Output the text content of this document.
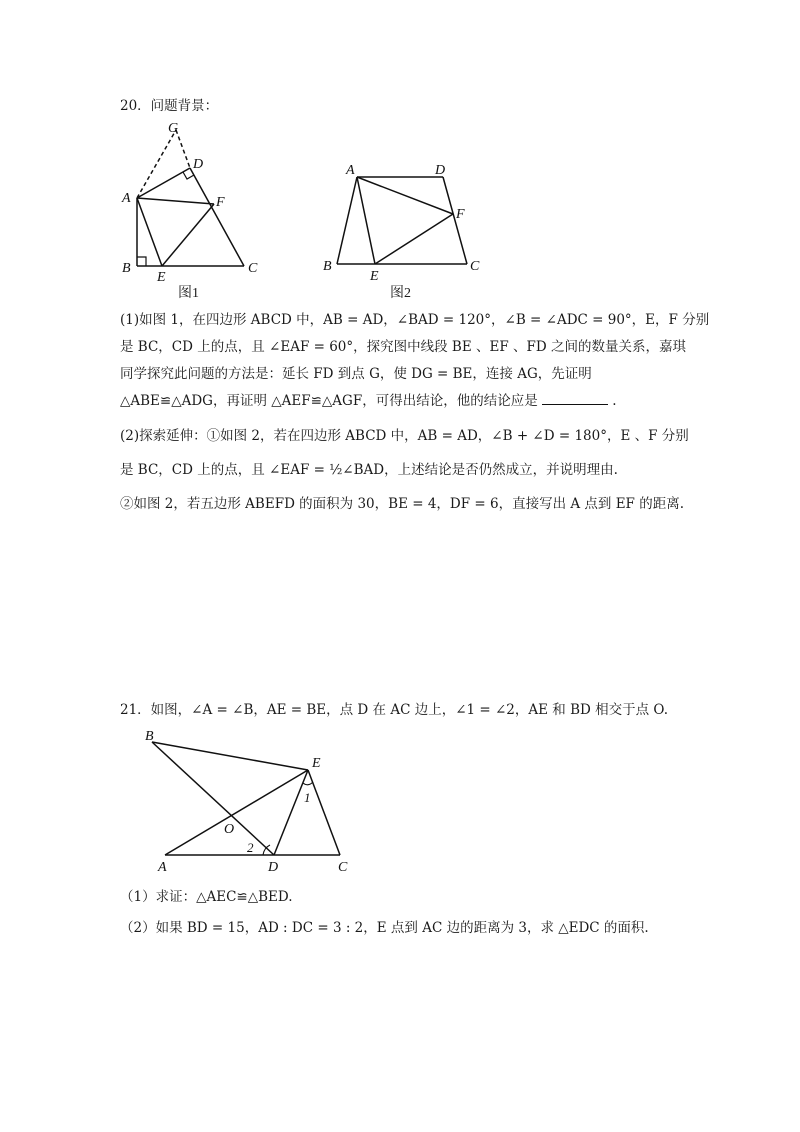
20．问题背景：
G
D
A	F
B
E
C
图1
A	D
F
B
E
C
图2
(1)如图 1，在四边形 ABCD 中，AB = AD，∠BAD = 120°，∠B = ∠ADC = 90°，E，F 分别
是 BC，CD 上的点，且 ∠EAF = 60°，探究图中线段 BE 、EF 、FD 之间的数量关系，嘉琪
同学探究此问题的方法是：延长 FD 到点 G，使 DG = BE，连接 AG，先证明
△ABE≌△ADG，再证明 △AEF≌△AGF，可得出结论，他的结论应是	.
(2)探索延伸：①如图 2，若在四边形 ABCD 中，AB = AD，∠B + ∠D = 180°，E 、F 分别
是 BC，CD 上的点，且 ∠EAF = ½∠BAD，上述结论是否仍然成立，并说明理由.
②如图 2，若五边形 ABEFD 的面积为 30，BE = 4，DF = 6，直接写出 A 点到 EF 的距离.
21．如图，∠A = ∠B，AE = BE，点 D 在 AC 边上，∠1 = ∠2，AE 和 BD 相交于点 O.
B
E
1
O
2
A	D	C
（1）求证：△AEC≌△BED.
（2）如果 BD = 15，AD : DC = 3 : 2，E 点到 AC 边的距离为 3，求 △EDC 的面积.
